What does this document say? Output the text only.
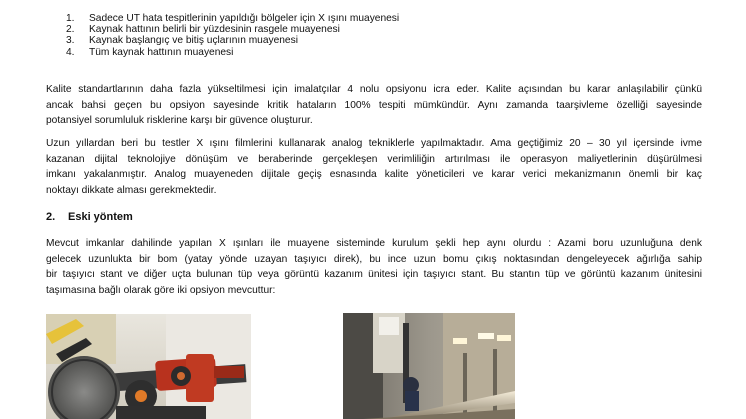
1.	Sadece UT hata tespitlerinin yapıldığı bölgeler için X ışını muayenesi
2.	Kaynak hattının belirli bir yüzdesinin rasgele muayenesi
3.	Kaynak başlangıç ve bitiş uçlarının muayenesi
4.	Tüm kaynak hattının muayenesi

Kalite standartlarının daha fazla yükseltilmesi için imalatçılar 4 nolu opsiyonu icra eder. Kalite açısından bu karar anlaşılabilir çünkü
ancak bahsi geçen bu opsiyon sayesinde kritik hataların 100% tespiti mümkündür. Aynı zamanda taarşivleme özelliği sayesinde
potansiyel sorumluluk risklerine karşı bir güvence oluşturur.

Uzun yıllardan beri bu testler X ışını filmlerini kullanarak analog tekniklerle yapılmaktadır. Ama geçtiğimiz 20 – 30 yıl içersinde ivme
kazanan dijital teknolojiye dönüşüm ve beraberinde gerçekleşen verimliliğin artırılması ile operasyon maliyetlerinin düşürülmesi
imkanı yakalanmıştır. Analog muayeneden dijitale geçiş esnasında kalite yöneticileri ve karar verici mekanizmanın önemli bir kaç
noktayı dikkate alması gerekmektedir.

2.	Eski yöntem

Mevcut imkanlar dahilinde yapılan X ışınları ile muayene sisteminde kurulum şekli hep aynı olurdu : Azami boru uzunluğuna denk
gelecek uzunlukta bir bom (yatay yönde uzayan taşıyıcı direk), bu ince uzun bomu çıkış noktasından dengeleyecek ağırlığa sahip
bir taşıyıcı stant ve diğer uçta bulunan tüp veya görüntü kazanım ünitesi için taşıyıcı stant. Bu stantın tüp ve görüntü kazanım ünitesini
taşımasına bağlı olarak göre iki opsiyon mevcuttur:
